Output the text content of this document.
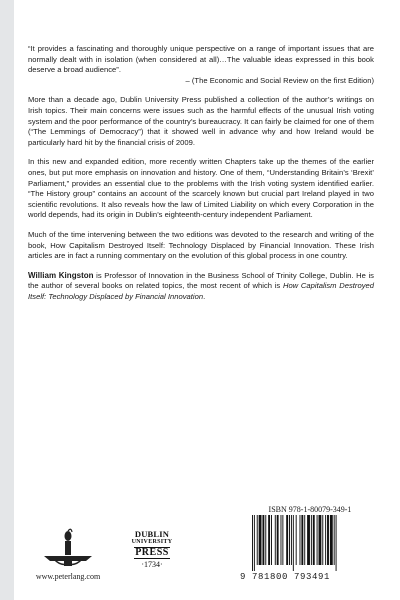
“It provides a fascinating and thoroughly unique perspective on a range of important issues that are normally dealt with in isolation (when considered at all)…The valuable ideas expressed in this book deserve a broad audience”.
– (The Economic and Social Review on the first Edition)

More than a decade ago, Dublin University Press published a collection of the author’s writings on Irish topics. Their main concerns were issues such as the harmful effects of the unusual Irish voting system and the poor performance of the country’s bureaucracy. It can fairly be claimed for one of them (“The Lemmings of Democracy”) that it showed well in advance why and how Ireland would be particularly hard hit by the financial crisis of 2009.

In this new and expanded edition, more recently written Chapters take up the themes of the earlier ones, but put more emphasis on innovation and history. One of them, “Understanding Britain’s ‘Brexit’ Parliament,” provides an essential clue to the problems with the Irish voting system identified earlier. “The History group” contains an account of the scarcely known but crucial part Ireland played in two scientific revolutions. It also reveals how the law of Limited Liability on which every Corporation in the world depends, had its origin in Dublin’s eighteenth-century independent Parliament.

Much of the time intervening between the two editions was devoted to the research and writing of the book, How Capitalism Destroyed Itself: Technology Displaced by Financial Innovation. These Irish articles are in fact a running commentary on the evolution of this global process in one country.

William Kingston is Professor of Innovation in the Business School of Trinity College, Dublin. He is the author of several books on related topics, the most recent of which is How Capitalism Destroyed Itself: Technology Displaced by Financial Innovation.

www.peterlang.com
DUBLIN
UNIVERSITY
PRESS
·1734·
ISBN 978-1-80079-349-1
9 781800 793491
